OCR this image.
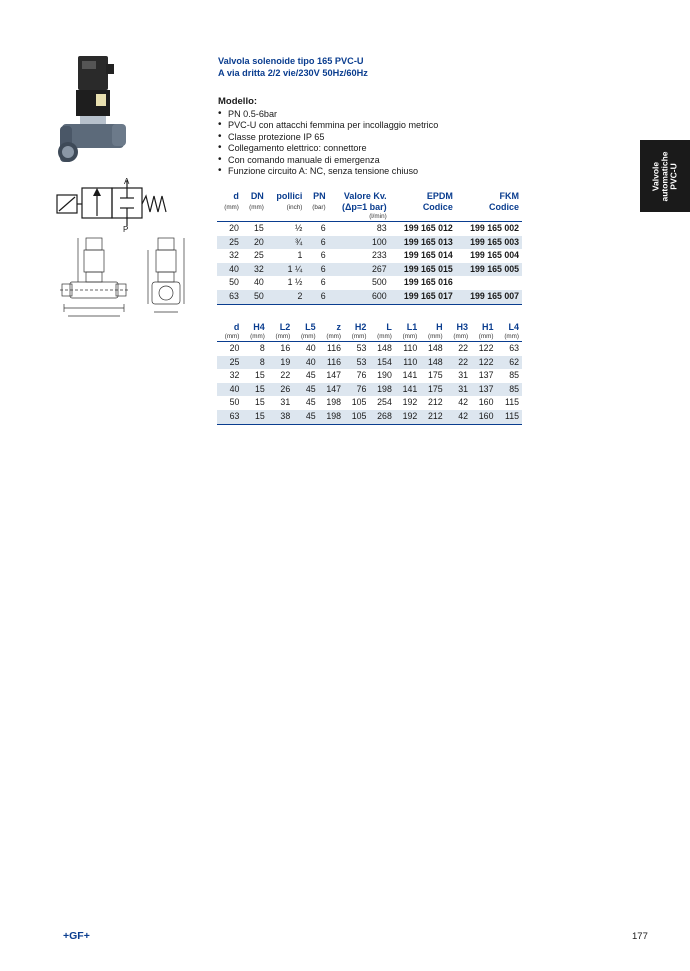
A
P
Valvola solenoide tipo 165 PVC-U
A via dritta 2/2 vie/230V 50Hz/60Hz
Modello:
• PN 0.5-6bar
• PVC-U con attacchi femmina per incollaggio metrico
• Classe protezione IP 65
• Collegamento elettrico: connettore
• Con comando manuale di emergenza
• Funzione circuito A: NC, senza tensione chiuso	Valvole automatiche PVC-U
d	DN	pollici	PN	Valore Kv.	EPDM	FKM
(mm)	(mm)	(inch)	(bar)	(Δp=1 bar)	Codice	Codice
				(l/min)		
20	15	½	6	83	199 165 012	199 165 002
25	20	¾	6	100	199 165 013	199 165 003
32	25	1	6	233	199 165 014	199 165 004
40	32	1 ¼	6	267	199 165 015	199 165 005
50	40	1 ½	6	500	199 165 016	
63	50	2	6	600	199 165 017	199 165 007
d	H4	L2	L5	z	H2	L	L1	H	H3	H1	L4
(mm)	(mm)	(mm)	(mm)	(mm)	(mm)	(mm)	(mm)	(mm)	(mm)	(mm)	(mm)
20	8	16	40	116	53	148	110	148	22	122	63
25	8	19	40	116	53	154	110	148	22	122	62
32	15	22	45	147	76	190	141	175	31	137	85
40	15	26	45	147	76	198	141	175	31	137	85
50	15	31	45	198	105	254	192	212	42	160	115
63	15	38	45	198	105	268	192	212	42	160	115
+GF+	177
